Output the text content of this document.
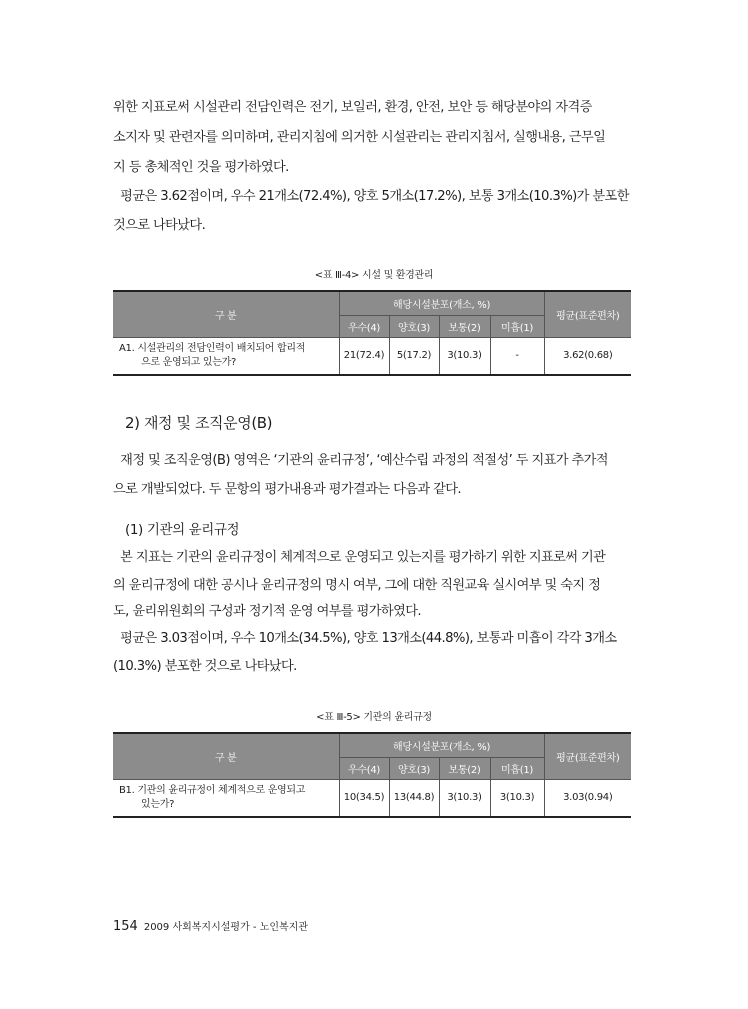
위한 지표로써 시설관리 전담인력은 전기, 보일러, 환경, 안전, 보안 등 해당분야의 자격증

소지자 및 관련자를 의미하며, 관리지침에 의거한 시설관리는 관리지침서, 실행내용, 근무일

지 등 총체적인 것을 평가하였다.

평균은 3.62점이며, 우수 21개소(72.4%), 양호 5개소(17.2%), 보통 3개소(10.3%)가 분포한

것으로 나타났다.

<표 Ⅲ-4> 시설 및 환경관리
구 분	해당시설분포(개소, %)				평균(표준편차)
	우수(4)	양호(3)	보통(2)	미흡(1)	
A1. 시설관리의 전담인력이 배치되어 합리적
으로 운영되고 있는가?	21(72.4)	5(17.2)	3(10.3)	-	3.62(0.68)
2) 재정 및 조직운영(B)

재정 및 조직운영(B) 영역은 ‘기관의 윤리규정’, ‘예산수립 과정의 적절성’ 두 지표가 추가적

으로 개발되었다. 두 문항의 평가내용과 평가결과는 다음과 같다.

(1) 기관의 윤리규정

본 지표는 기관의 윤리규정이 체계적으로 운영되고 있는지를 평가하기 위한 지표로써 기관

의 윤리규정에 대한 공시나 윤리규정의 명시 여부, 그에 대한 직원교육 실시여부 및 숙지 정

도, 윤리위원회의 구성과 정기적 운영 여부를 평가하였다.

평균은 3.03점이며, 우수 10개소(34.5%), 양호 13개소(44.8%), 보통과 미흡이 각각 3개소

(10.3%) 분포한 것으로 나타났다.

<표 Ⅲ-5> 기관의 윤리규정
구 분	해당시설분포(개소, %)				평균(표준편차)
	우수(4)	양호(3)	보통(2)	미흡(1)	
B1. 기관의 윤리규정이 체계적으로 운영되고
있는가?	10(34.5)	13(44.8)	3(10.3)	3(10.3)	3.03(0.94)
154 2009 사회복지시설평가 - 노인복지관
